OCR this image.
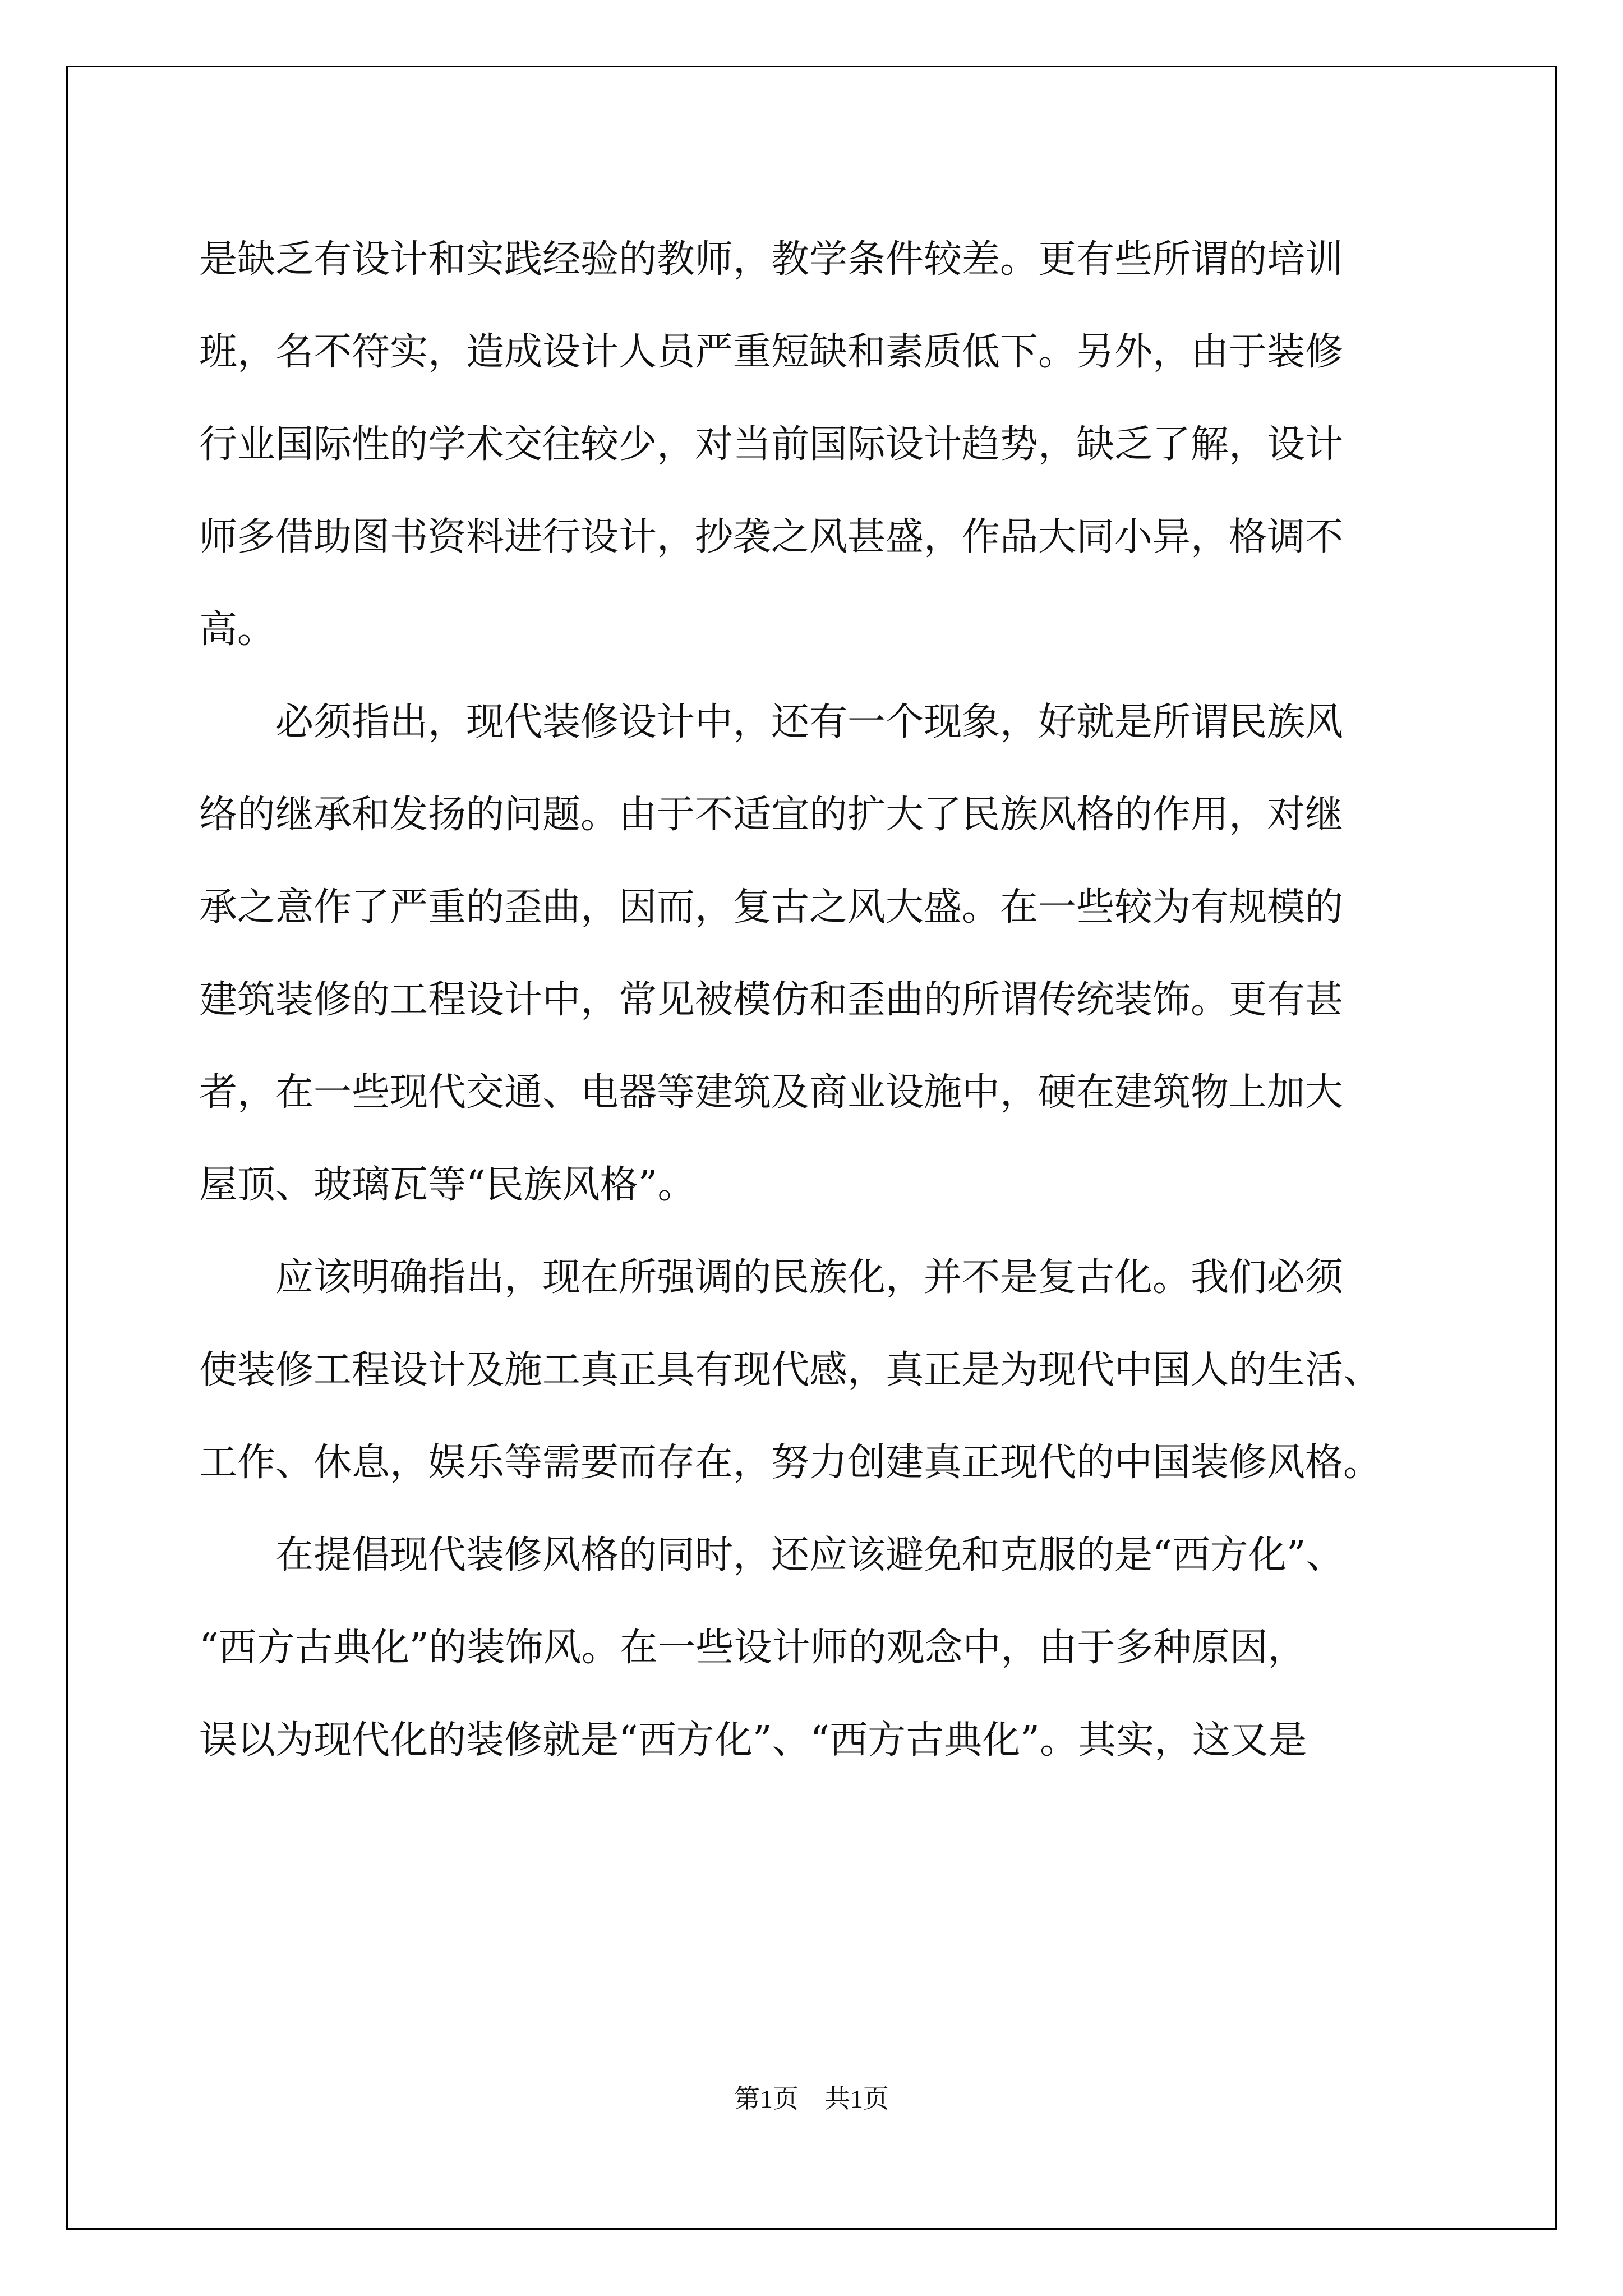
是缺乏有设计和实践经验的教师，教学条件较差。更有些所谓的培训
班，名不符实，造成设计人员严重短缺和素质低下。另外，由于装修
行业国际性的学术交往较少，对当前国际设计趋势，缺乏了解，设计
师多借助图书资料进行设计，抄袭之风甚盛，作品大同小异，格调不
高。
　　必须指出，现代装修设计中，还有一个现象，好就是所谓民族风
络的继承和发扬的问题。由于不适宜的扩大了民族风格的作用，对继
承之意作了严重的歪曲，因而，复古之风大盛。在一些较为有规模的
建筑装修的工程设计中，常见被模仿和歪曲的所谓传统装饰。更有甚
者，在一些现代交通、电器等建筑及商业设施中，硬在建筑物上加大
屋顶、玻璃瓦等“民族风格”。
　　应该明确指出，现在所强调的民族化，并不是复古化。我们必须
使装修工程设计及施工真正具有现代感，真正是为现代中国人的生活、
工作、休息，娱乐等需要而存在，努力创建真正现代的中国装修风格。
　　在提倡现代装修风格的同时，还应该避免和克服的是“西方化”、
“西方古典化”的装饰风。在一些设计师的观念中，由于多种原因，
误以为现代化的装修就是“西方化”、“西方古典化”。其实，这又是
第1页　共1页
